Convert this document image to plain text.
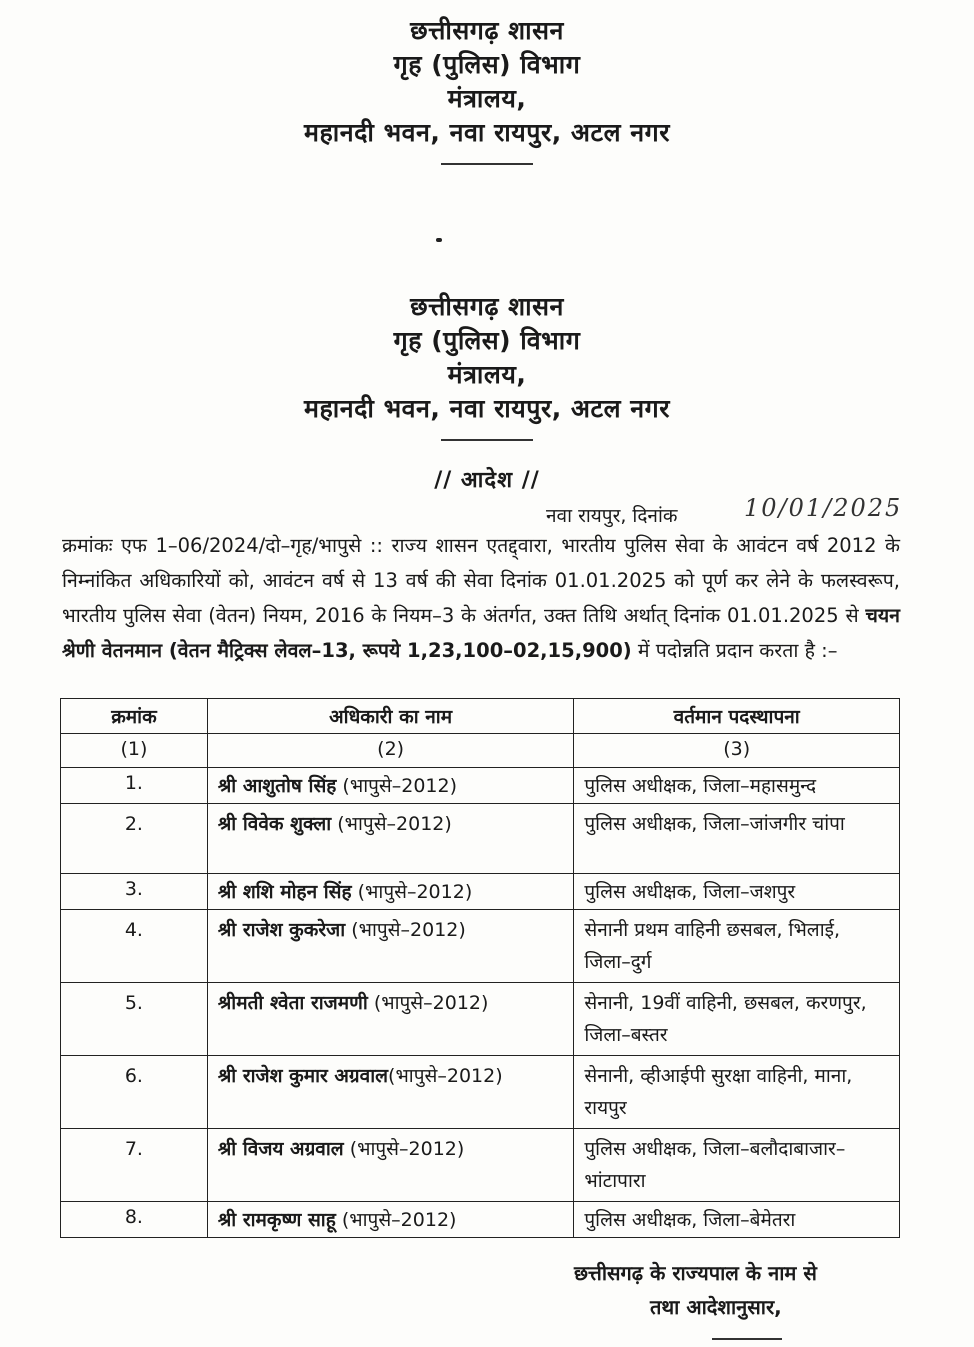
छत्तीसगढ़ शासन
गृह (पुलिस) विभाग
मंत्रालय,
महानदी भवन, नवा रायपुर, अटल नगर
छत्तीसगढ़ शासन
गृह (पुलिस) विभाग
मंत्रालय,
महानदी भवन, नवा रायपुर, अटल नगर
// आदेश //
नवा रायपुर, दिनांक	10/01/2025
क्रमांकः एफ 1–06/2024/दो–गृह/भापुसे :: राज्य शासन एतद्द्वारा, भारतीय पुलिस सेवा के आवंटन वर्ष 2012 के निम्नांकित अधिकारियों को, आवंटन वर्ष से 13 वर्ष की सेवा दिनांक 01.01.2025 को पूर्ण कर लेने के फलस्वरूप, भारतीय पुलिस सेवा (वेतन) नियम, 2016 के नियम–3 के अंतर्गत, उक्त तिथि अर्थात् दिनांक 01.01.2025 से चयन श्रेणी वेतनमान (वेतन मैट्रिक्स लेवल–13, रूपये 1,23,100–02,15,900) में पदोन्नति प्रदान करता है :–
क्रमांक	अधिकारी का नाम	वर्तमान पदस्थापना
(1)	(2)	(3)
1.	श्री आशुतोष सिंह (भापुसे–2012)	पुलिस अधीक्षक, जिला–महासमुन्द
2.	श्री विवेक शुक्ला (भापुसे–2012)	पुलिस अधीक्षक, जिला–जांजगीर चांपा
3.	श्री शशि मोहन सिंह (भापुसे–2012)	पुलिस अधीक्षक, जिला–जशपुर
4.	श्री राजेश कुकरेजा (भापुसे–2012)	सेनानी प्रथम वाहिनी छसबल, भिलाई, जिला–दुर्ग
5.	श्रीमती श्वेता राजमणी (भापुसे–2012)	सेनानी, 19वीं वाहिनी, छसबल, करणपुर, जिला–बस्तर
6.	श्री राजेश कुमार अग्रवाल(भापुसे–2012)	सेनानी, व्हीआईपी सुरक्षा वाहिनी, माना, रायपुर
7.	श्री विजय अग्रवाल (भापुसे–2012)	पुलिस अधीक्षक, जिला–बलौदाबाजार–भांटापारा
8.	श्री रामकृष्ण साहू (भापुसे–2012)	पुलिस अधीक्षक, जिला–बेमेतरा
छत्तीसगढ़ के राज्यपाल के नाम से
तथा आदेशानुसार,
